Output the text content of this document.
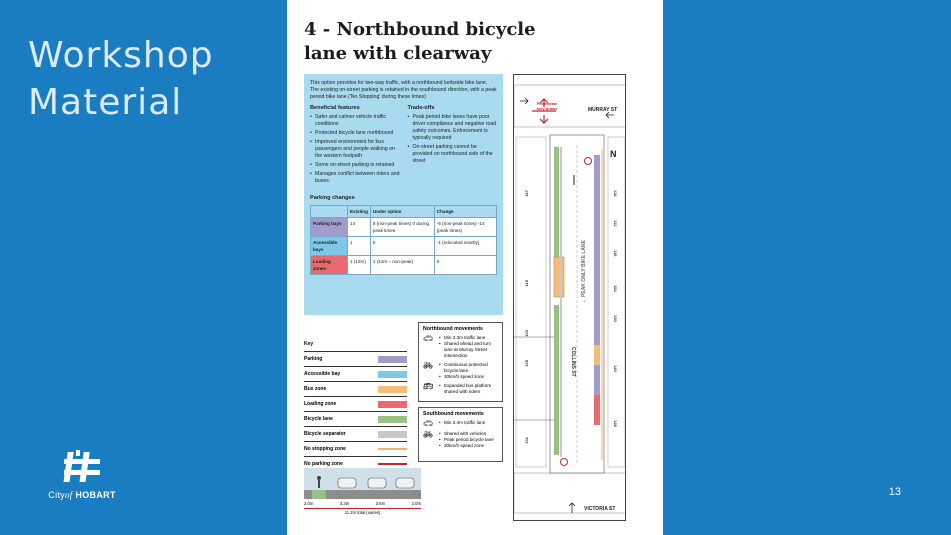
Workshop
Material
Cityof HOBART	13
4 - Northbound bicycle
lane with clearway

This option provides for two-way traffic, with a northbound kerbside bike lane. The existing on-street parking is retained in the southbound direction, with a peak period bike lane ('No Stopping' during these times)

Beneficial features
• Safer and calmer vehicle traffic conditions
• Protected bicycle lane northbound
• Improved environment for bus passengers and people walking on the western footpath
• Some on-street parking is retained
• Manages conflict between riders and buses.
Trade-offs
• Peak period bike lanes have poor driver compliance and negative road safety outcomes. Enforcement is typically required
• On-street parking cannot be provided on northbound side of the street
Parking changes
	Existing	Under option	Change
Parking bays	14	8 (non-peak times) 0 during peak times	-6 (non-peak times) -14 (peak times)
Accessible bays	1	0	-1 (relocated nearby)
Loading zones	1 (12m)	1 (12m – non-peak)	0
Key
Parking
Accessible bay
Bus zone
Loading zone
Bicycle lane
Bicycle separator
No stopping zone
No parking zone
Northbound movements
🚗︎	• Min 3.3m traffic lane
• Shared ahead and turn lane at Murray Street intersection
🚲︎	• Continuous protected bicycle lane
• 30km/h speed zone
🚌︎	• Expanded bus platform shared with riders
Southbound movements
🚗︎	• Min 3.4m traffic lane
🚲︎	• Shared with vehicles
• Peak period bicycle lane
• 30km/h speed zone
2.0m	3.3m	3.6m	2.0m
11.2m total (varies)
MURRAY ST
VICTORIA ST
COLLINS ST
← PEAK ONLY BIKE LANE
Pedestrian only phase
N
117
119
123
125
131
118
112
116
154
130
140
148
